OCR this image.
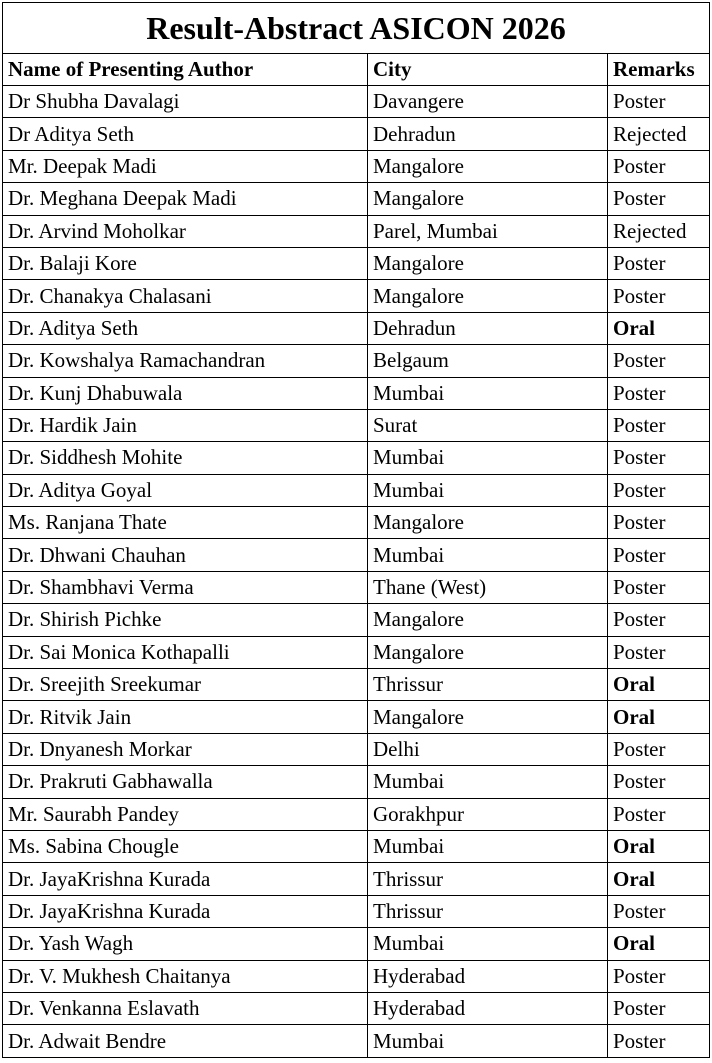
Result-Abstract ASICON 2026		
Name of Presenting Author	City	Remarks
Dr Shubha Davalagi	Davangere	Poster
Dr Aditya Seth	Dehradun	Rejected
Mr. Deepak Madi	Mangalore	Poster
Dr. Meghana Deepak Madi	Mangalore	Poster
Dr. Arvind Moholkar	Parel, Mumbai	Rejected
Dr. Balaji Kore	Mangalore	Poster
Dr. Chanakya Chalasani	Mangalore	Poster
Dr. Aditya Seth	Dehradun	Oral
Dr. Kowshalya Ramachandran	Belgaum	Poster
Dr. Kunj Dhabuwala	Mumbai	Poster
Dr. Hardik Jain	Surat	Poster
Dr. Siddhesh Mohite	Mumbai	Poster
Dr. Aditya Goyal	Mumbai	Poster
Ms. Ranjana Thate	Mangalore	Poster
Dr. Dhwani Chauhan	Mumbai	Poster
Dr. Shambhavi Verma	Thane (West)	Poster
Dr. Shirish Pichke	Mangalore	Poster
Dr. Sai Monica Kothapalli	Mangalore	Poster
Dr. Sreejith Sreekumar	Thrissur	Oral
Dr. Ritvik Jain	Mangalore	Oral
Dr. Dnyanesh Morkar	Delhi	Poster
Dr. Prakruti Gabhawalla	Mumbai	Poster
Mr. Saurabh Pandey	Gorakhpur	Poster
Ms. Sabina Chougle	Mumbai	Oral
Dr. JayaKrishna Kurada	Thrissur	Oral
Dr. JayaKrishna Kurada	Thrissur	Poster
Dr. Yash Wagh	Mumbai	Oral
Dr. V. Mukhesh Chaitanya	Hyderabad	Poster
Dr. Venkanna Eslavath	Hyderabad	Poster
Dr. Adwait Bendre	Mumbai	Poster
